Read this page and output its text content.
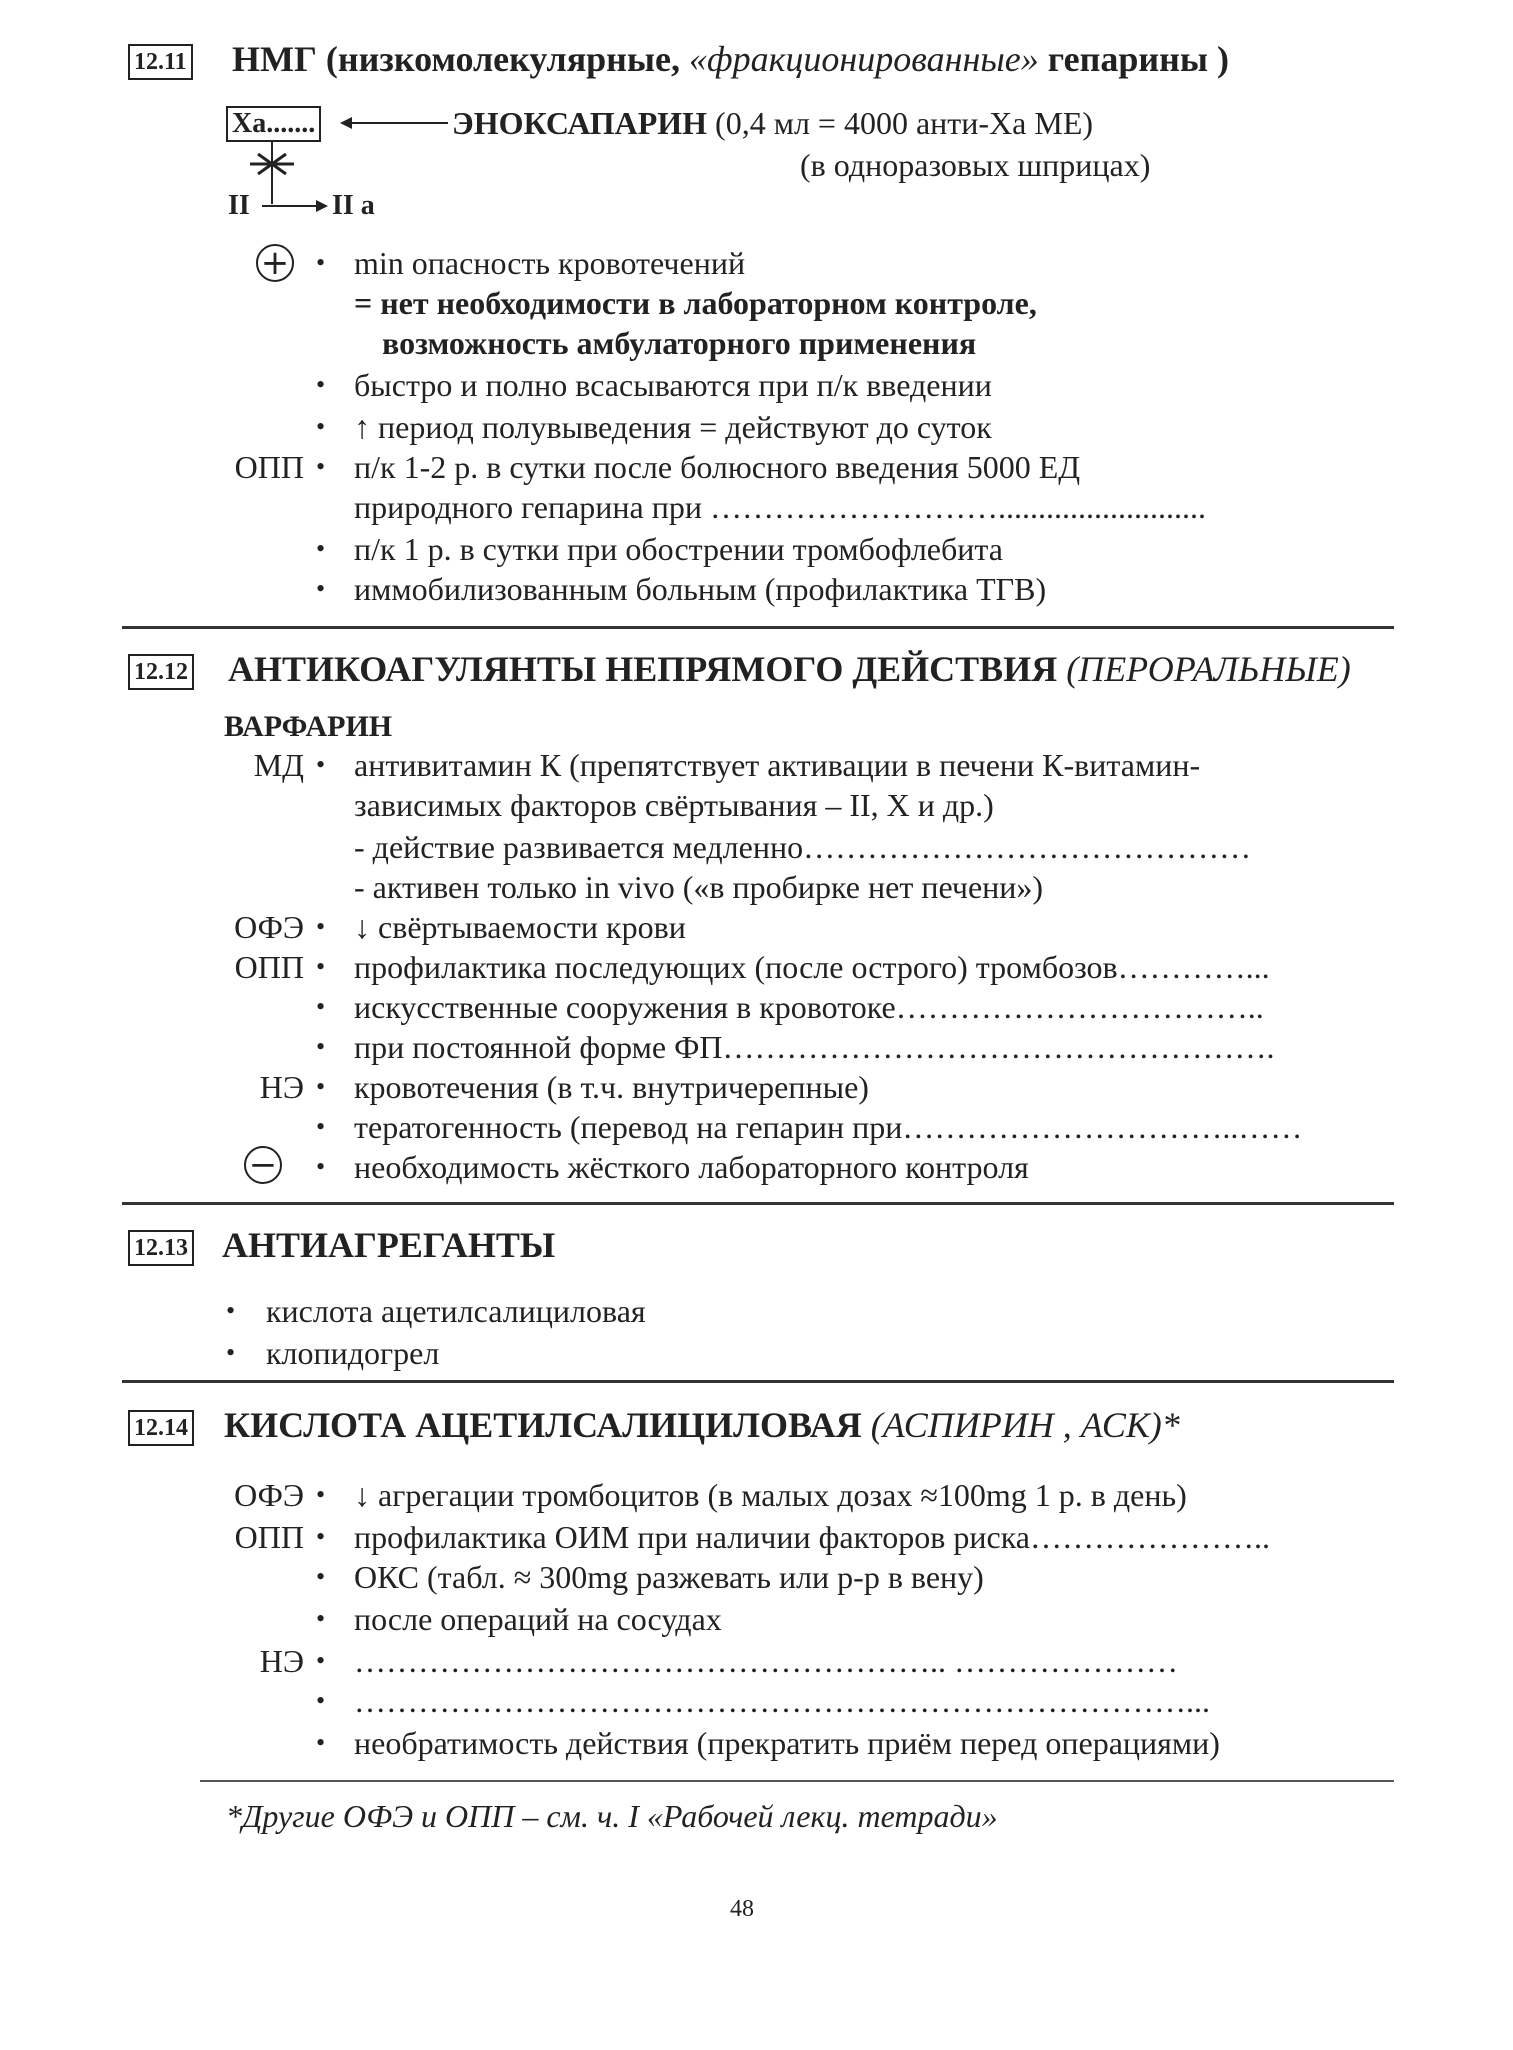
12.11 НМГ (низкомолекулярные, «фракционированные» гепарины )
Ха.......	ЭНОКСАПАРИН (0,4 мл = 4000 анти-Ха МЕ)
(в одноразовых шприцах)
II	II a
+ • min опасность кровотечений
= нет необходимости в лабораторном контроле,
возможность амбулаторного применения
• быстро и полно всасываются при п/к введении
• ↑ период полувыведения = действуют до суток
ОПП • п/к 1-2 р. в сутки после болюсного введения 5000 ЕД
природного гепарина при ………………………..........................
• п/к 1 р. в сутки при обострении тромбофлебита
• иммобилизованным больным (профилактика ТГВ)
12.12 АНТИКОАГУЛЯНТЫ НЕПРЯМОГО ДЕЙСТВИЯ (ПЕРОРАЛЬНЫЕ)
ВАРФАРИН
МД • антивитамин К (препятствует активации в печени К-витамин-
зависимых факторов свёртывания – II, X и др.)
- действие развивается медленно……………………………………
- активен только in vivo («в пробирке нет печени»)
ОФЭ • ↓ свёртываемости крови
ОПП • профилактика последующих (после острого) тромбозов…………...
• искусственные сооружения в кровотоке……………………………..
• при постоянной форме ФП…………………………………………….
НЭ • кровотечения (в т.ч. внутричерепные)
• тератогенность (перевод на гепарин при…………………………..……
− • необходимость жёсткого лабораторного контроля
12.13 АНТИАГРЕГАНТЫ
• кислота ацетилсалициловая
• клопидогрел
12.14 КИСЛОТА АЦЕТИЛСАЛИЦИЛОВАЯ (АСПИРИН , АСК)*
ОФЭ • ↓ агрегации тромбоцитов (в малых дозах ≈100mg 1 р. в день)
ОПП • профилактика ОИМ при наличии факторов риска…………………..
• ОКС (табл. ≈ 300mg разжевать или р-р в вену)
• после операций на сосудах
НЭ • ……………………………………………….. …………………
• ……………………………………………………………………...
• необратимость действия (прекратить приём перед операциями)
*Другие ОФЭ и ОПП – см. ч. I «Рабочей лекц. тетради»
48
